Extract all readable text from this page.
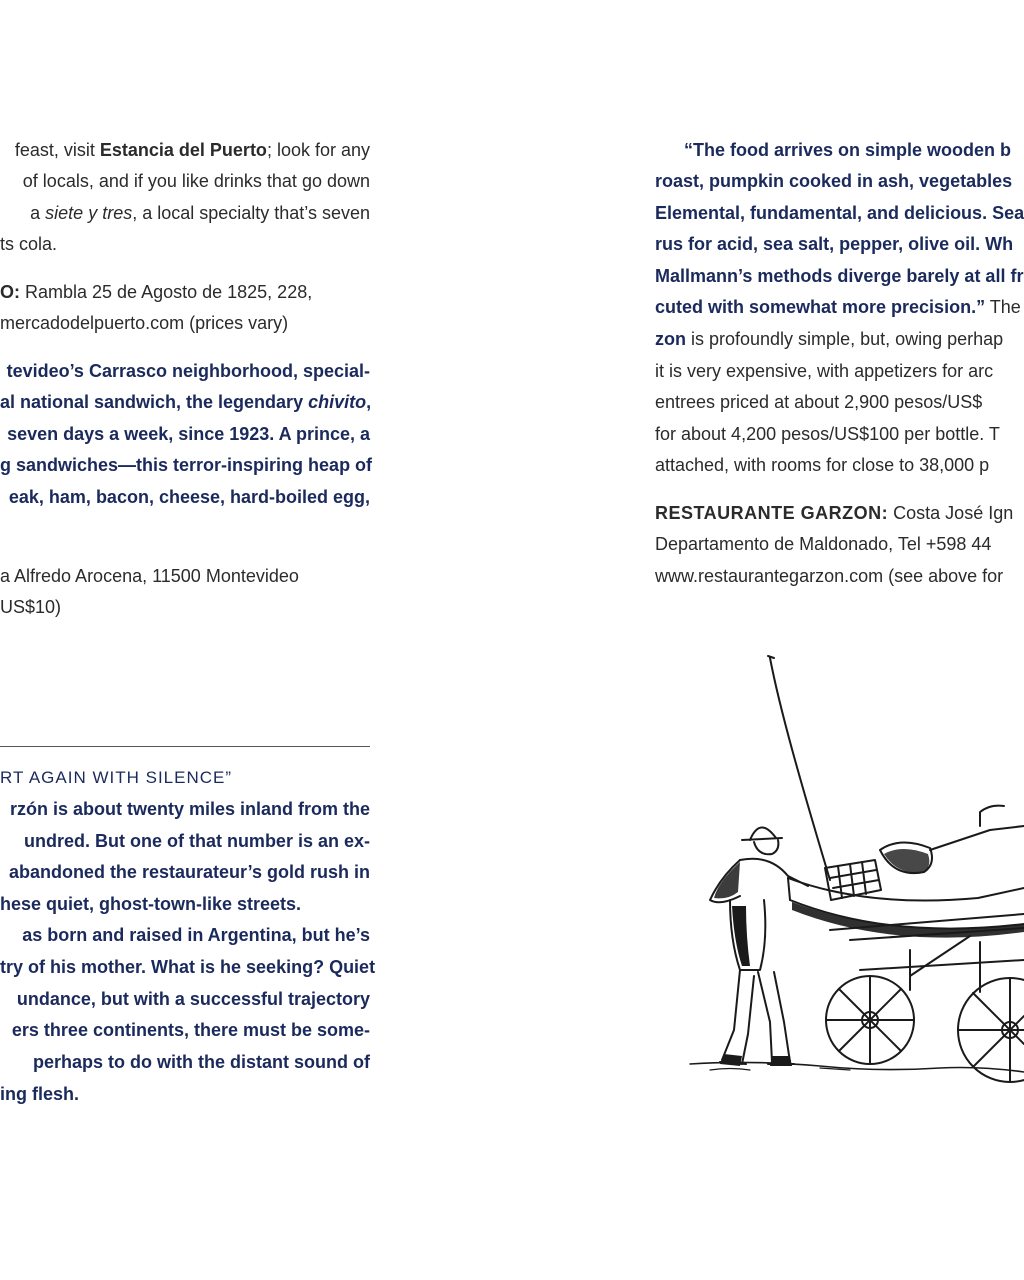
feast, visit Estancia del Puerto; look for any
of locals, and if you like drinks that go down
a siete y tres, a local specialty that’s seven
ts cola.
O: Rambla 25 de Agosto de 1825, 228,
mercadodelpuerto.com (prices vary)
tevideo’s Carrasco neighborhood, special-
al national sandwich, the legendary chivito,
seven days a week, since 1923. A prince, a
g sandwiches—this terror-inspiring heap of
eak, ham, bacon, cheese, hard-boiled egg,
a Alfredo Arocena, 11500 Montevideo
US$10)
RT AGAIN WITH SILENCE”
rzón is about twenty miles inland from the
undred. But one of that number is an ex-
abandoned the restaurateur’s gold rush in
hese quiet, ghost-town-like streets.
as born and raised in Argentina, but he’s
try of his mother. What is he seeking? Quiet
undance, but with a successful trajectory
ers three continents, there must be some-
perhaps to do with the distant sound of
ing flesh.
“The food arrives on simple wooden b
roast, pumpkin cooked in ash, vegetables
Elemental, fundamental, and delicious. Sea
rus for acid, sea salt, pepper, olive oil. Wh
Mallmann’s methods diverge barely at all fr
cuted with somewhat more precision.” The
zon is profoundly simple, but, owing perhap
it is very expensive, with appetizers for arc
entrees priced at about 2,900 pesos/US$
for about 4,200 pesos/US$100 per bottle. T
attached, with rooms for close to 38,000 p
RESTAURANTE GARZON: Costa José Ign
Departamento de Maldonado, Tel +598 44
www.restaurantegarzon.com (see above for
